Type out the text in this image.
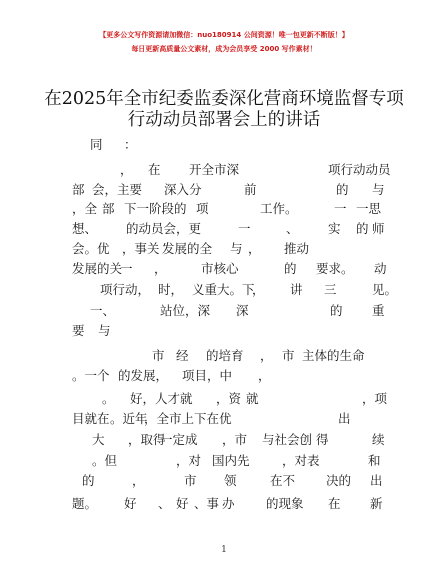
【更多公文写作资源请加微信：nuo180914 公间资源！唯一包更新不断版！】
每日更新高质量公文素材，成为会员享受 2000 写作素材！
在2025年全市纪委监委深化营商环境监督专项
行动动员部署会上的讲话
同 ：
， 在 开全市深	项行动动员
部 会，主要 深入分	前	的 与
，全 部 下一阶段的 项	工作。	一 一思
想、 的动员会，更	一	、 实 的 师
会。优 ，事关 发展的全 与 ， 推动
发展的关
一 ，	市核心	的 要求。 动
项行动， 时， 义重大。下
， 讲 三	见。
一、	站位，深 深	的 重
要 与
市 经 的培育 ， 市 主体的生命
。一个 的发展， 项目，中 ，
。 好，人才就 ，资 就	，项
目就在 。近年
，全市上下在优	出
大 ，取得
一定成 ，市 与社会创 得	续
。但	，对 国内先	，对表	和
的	，	市 领	在不 决的 出
题。 好 、 好 、事 办	的现象 在 新
1
